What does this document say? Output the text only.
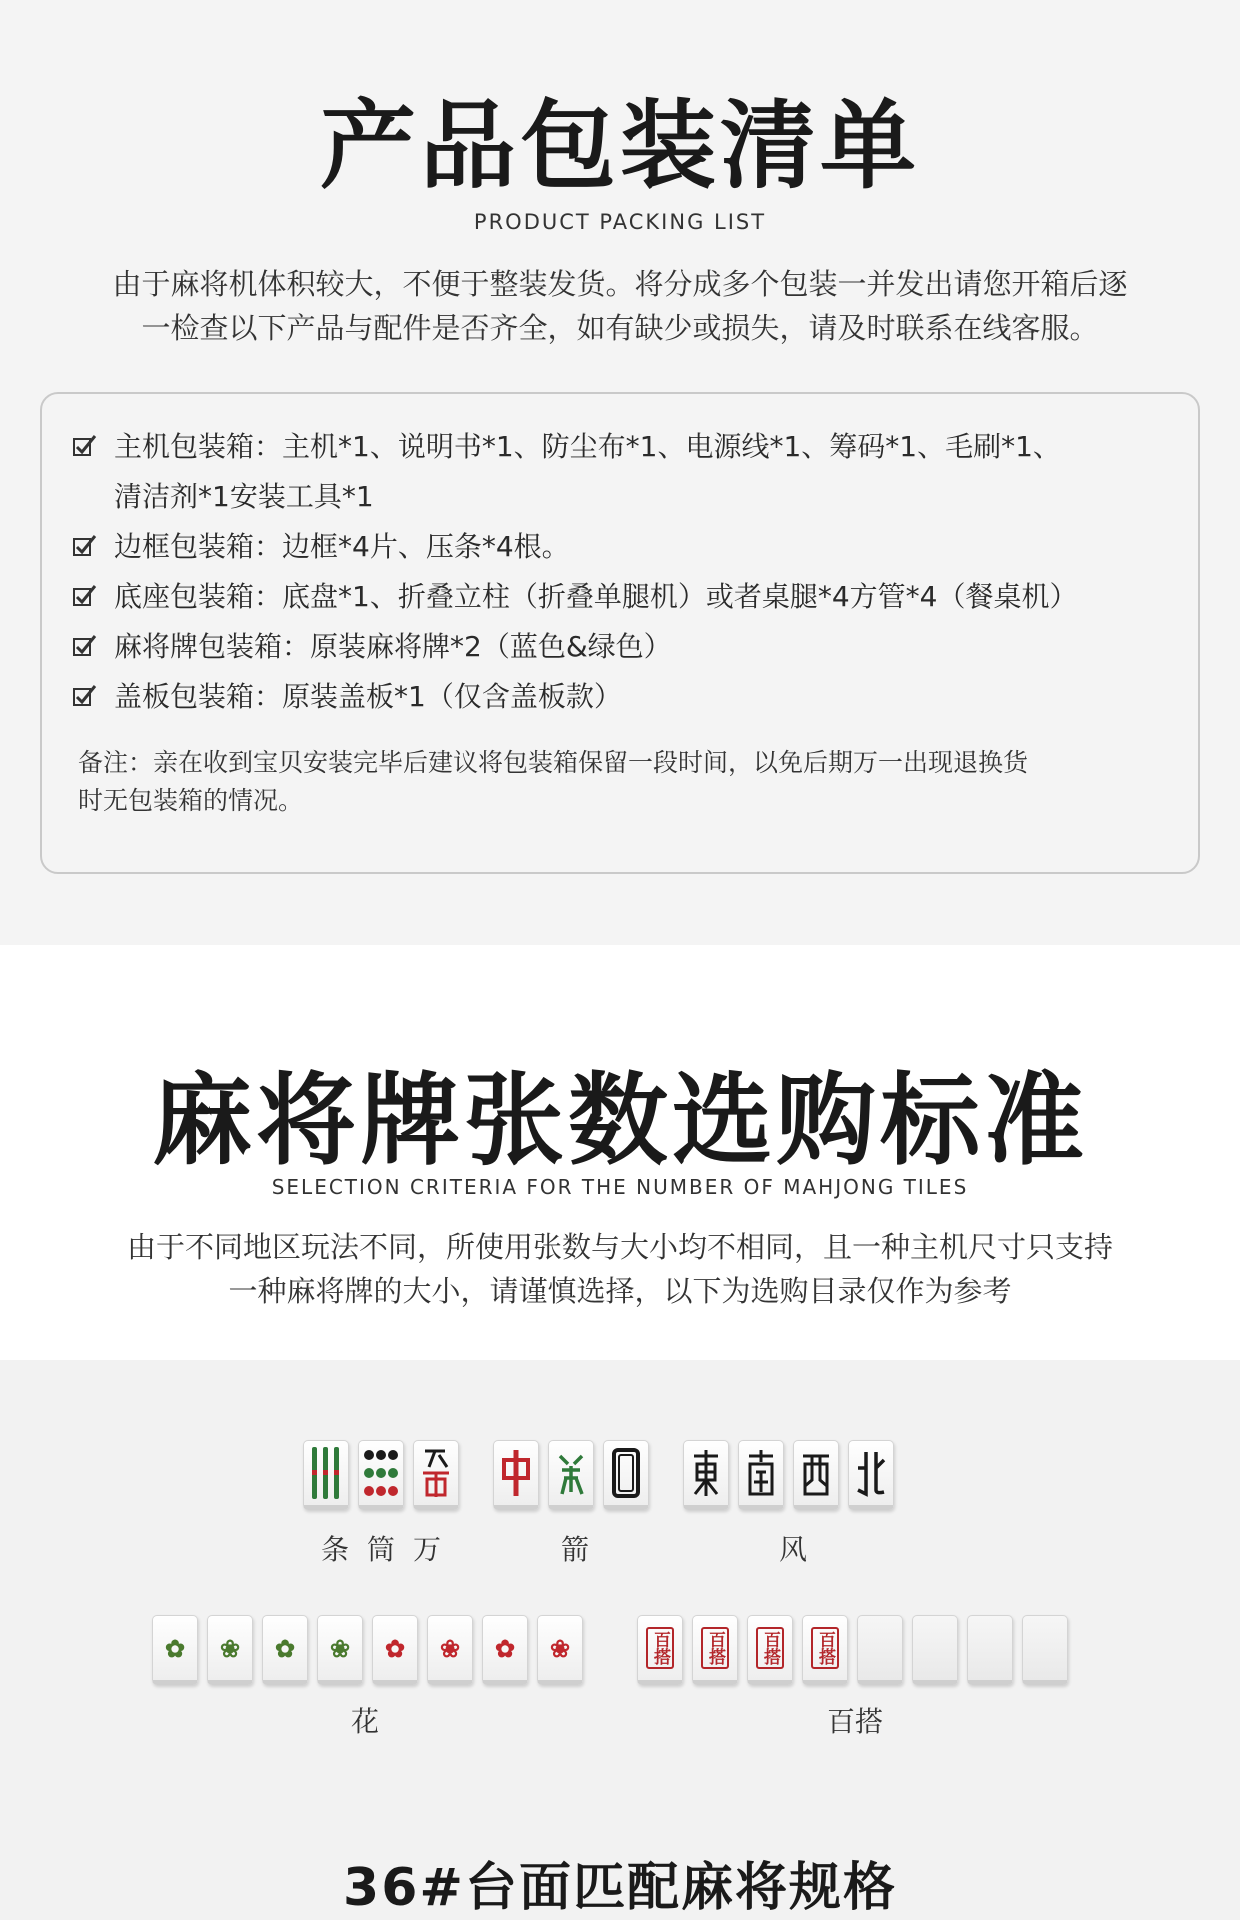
产品包装清单
PRODUCT PACKING LIST
由于麻将机体积较大，不便于整装发货。将分成多个包装一并发出请您开箱后逐
一检查以下产品与配件是否齐全，如有缺少或损失，请及时联系在线客服。
主机包装箱：主机*1、说明书*1、防尘布*1、电源线*1、筹码*1、毛刷*1、
清洁剂*1安装工具*1
边框包装箱：边框*4片、压条*4根。
底座包装箱：底盘*1、折叠立柱（折叠单腿机）或者桌腿*4方管*4（餐桌机）
麻将牌包装箱：原装麻将牌*2（蓝色&绿色）
盖板包装箱：原装盖板*1（仅含盖板款）
备注：亲在收到宝贝安装完毕后建议将包装箱保留一段时间，以免后期万一出现退换货
时无包装箱的情况。
麻将牌张数选购标准
SELECTION CRITERIA FOR THE NUMBER OF MAHJONG TILES
由于不同地区玩法不同，所使用张数与大小均不相同，且一种主机尺寸只支持
一种麻将牌的大小，请谨慎选择，以下为选购目录仅作为参考
条筒万	箭	风
✿ ❀ ✿ ❀ ✿ ❀ ✿ ❀	百搭 百搭 百搭 百搭
花	百搭
36#台面匹配麻将规格
